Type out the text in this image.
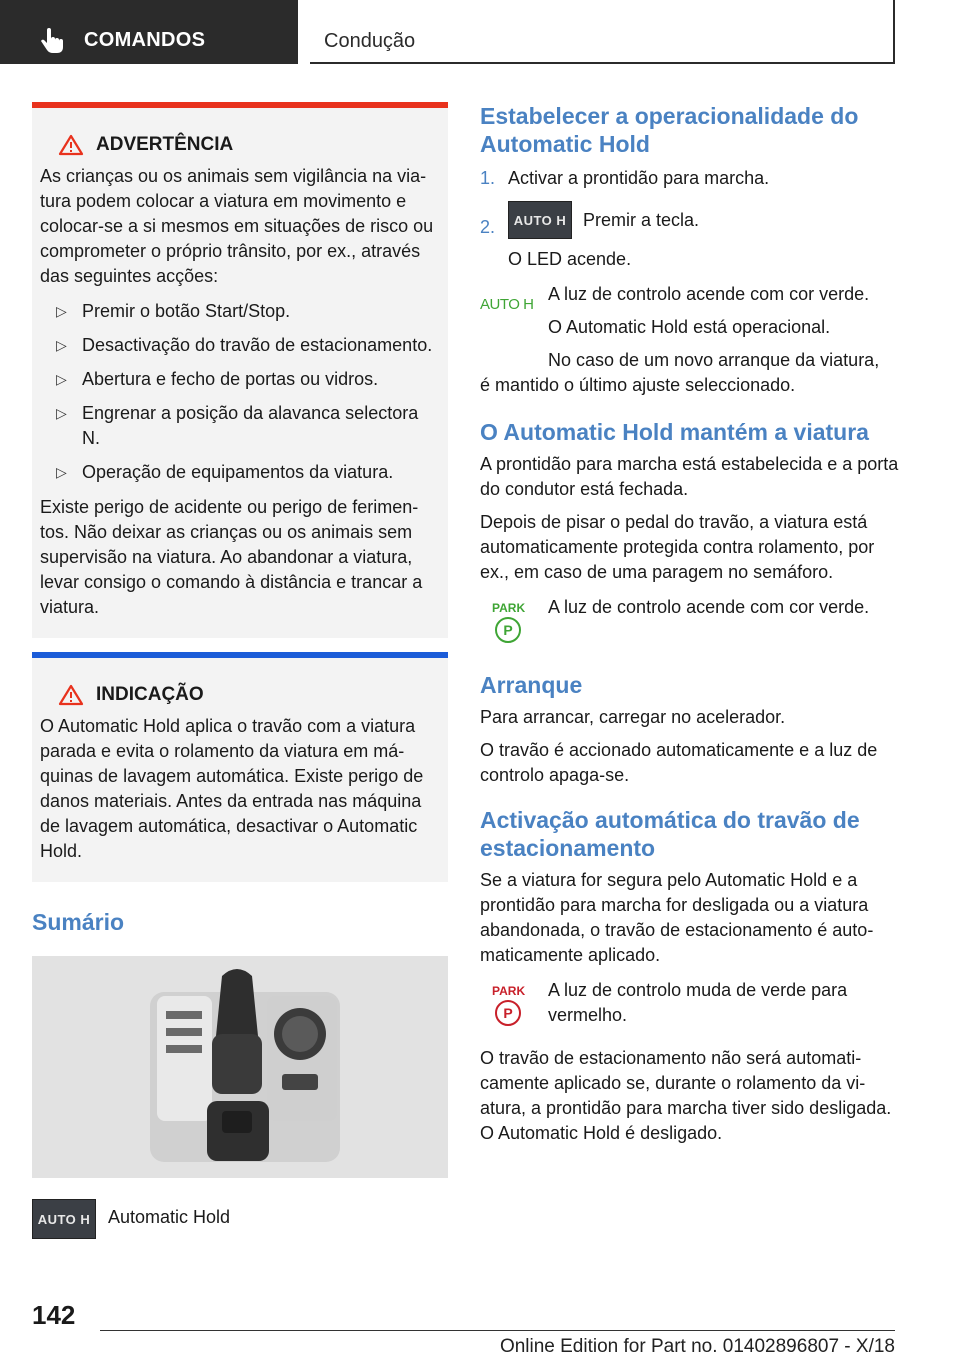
COMANDOS	Condução
ADVERTÊNCIA

As crianças ou os animais sem vigilância na viatura podem colocar a viatura em movimento e colocar-se a si mesmos em situações de risco ou comprometer o próprio trânsito, por ex., através das seguintes acções:

▷ Premir o botão Start/Stop.
▷ Desactivação do travão de estacionamento.
▷ Abertura e fecho de portas ou vidros.
▷ Engrenar a posição da alavanca selectora N.
▷ Operação de equipamentos da viatura.

Existe perigo de acidente ou perigo de ferimentos. Não deixar as crianças ou os animais sem supervisão na viatura. Ao abandonar a viatura, levar consigo o comando à distância e trancar a viatura.

INDICAÇÃO

O Automatic Hold aplica o travão com a viatura parada e evita o rolamento da viatura em máquinas de lavagem automática. Existe perigo de danos materiais. Antes da entrada nas máquina de lavagem automática, desactivar o Automatic Hold.

Sumário
AUTO H Automatic Hold
Estabelecer a operacionalidade do Automatic Hold
1. Activar a prontidão para marcha.
2. AUTO H Premir a tecla.

O LED acende.

AUTO H

A luz de controlo acende com cor verde.

O Automatic Hold está operacional.

No caso de um novo arranque da viatura,

é mantido o último ajuste seleccionado.

O Automatic Hold mantém a viatura

A prontidão para marcha está estabelecida e a porta do condutor está fechada.

Depois de pisar o pedal do travão, a viatura está automaticamente protegida contra rolamento, por ex., em caso de uma paragem no semáforo.

PARK
P

A luz de controlo acende com cor verde.

Arranque

Para arrancar, carregar no acelerador.

O travão é accionado automaticamente e a luz de controlo apaga-se.

Activação automática do travão de estacionamento

Se a viatura for segura pelo Automatic Hold e a prontidão para marcha for desligada ou a viatura abandonada, o travão de estacionamento é automaticamente aplicado.

PARK
P

A luz de controlo muda de verde para vermelho.

O travão de estacionamento não será automaticamente aplicado se, durante o rolamento da viatura, a prontidão para marcha tiver sido desligada. O Automatic Hold é desligado.

142
Online Edition for Part no. 01402896807 - X/18
